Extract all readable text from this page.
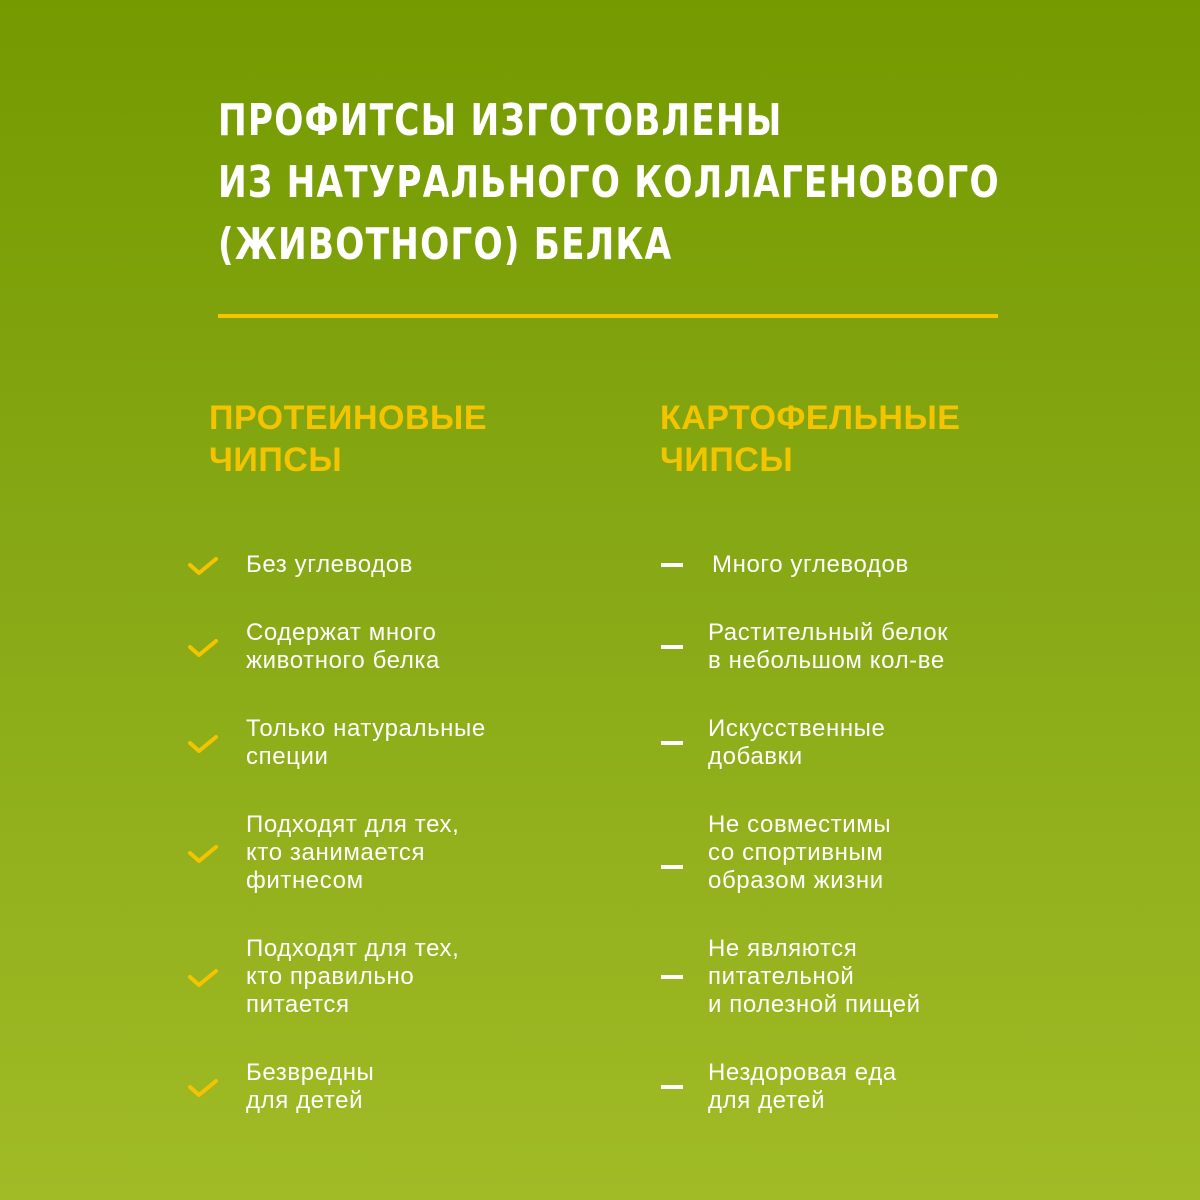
ПРОФИТСЫ ИЗГОТОВЛЕНЫ
ИЗ НАТУРАЛЬНОГО КОЛЛАГЕНОВОГО
(ЖИВОТНОГО) БЕЛКА
ПРОТЕИНОВЫЕ
ЧИПСЫ
КАРТОФЕЛЬНЫЕ
ЧИПСЫ
Без углеводов
Содержат много
животного белка
Только натуральные
специи
Подходят для тех,
кто занимается
фитнесом
Подходят для тех,
кто правильно
питается
Безвредны
для детей
Много углеводов
Растительный белок
в небольшом кол-ве
Искусственные
добавки
Не совместимы
со спортивным
образом жизни
Не являются
питательной
и полезной пищей
Нездоровая еда
для детей
